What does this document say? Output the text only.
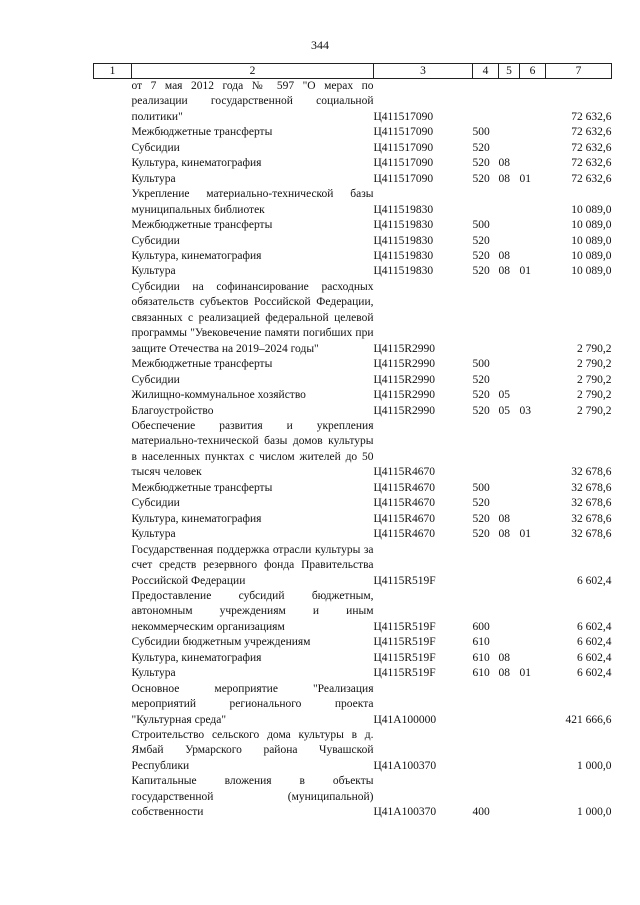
344
1	2	3	4	5	6	7
	от 7 мая 2012 года № 597 "О мерах по реализации государственной социальной политики"	Ц411517090				72 632,6
	Межбюджетные трансферты	Ц411517090	500			72 632,6
	Субсидии	Ц411517090	520			72 632,6
	Культура, кинематография	Ц411517090	520	08		72 632,6
	Культура	Ц411517090	520	08	01	72 632,6
	Укрепление материально-технической базы муниципальных библиотек	Ц411519830				10 089,0
	Межбюджетные трансферты	Ц411519830	500			10 089,0
	Субсидии	Ц411519830	520			10 089,0
	Культура, кинематография	Ц411519830	520	08		10 089,0
	Культура	Ц411519830	520	08	01	10 089,0
	Субсидии на софинансирование расходных обязательств субъектов Российской Федерации, связанных с реализацией федеральной целевой программы "Увековечение памяти погибших при защите Отечества на 2019–2024 годы"	Ц4115R2990				2 790,2
	Межбюджетные трансферты	Ц4115R2990	500			2 790,2
	Субсидии	Ц4115R2990	520			2 790,2
	Жилищно-коммунальное хозяйство	Ц4115R2990	520	05		2 790,2
	Благоустройство	Ц4115R2990	520	05	03	2 790,2
	Обеспечение развития и укрепления материально-технической базы домов культуры в населенных пунктах с числом жителей до 50 тысяч человек	Ц4115R4670				32 678,6
	Межбюджетные трансферты	Ц4115R4670	500			32 678,6
	Субсидии	Ц4115R4670	520			32 678,6
	Культура, кинематография	Ц4115R4670	520	08		32 678,6
	Культура	Ц4115R4670	520	08	01	32 678,6
	Государственная поддержка отрасли культуры за счет средств резервного фонда Правительства Российской Федерации	Ц4115R519F				6 602,4
	Предоставление субсидий бюджетным, автономным учреждениям и иным некоммерческим организациям	Ц4115R519F	600			6 602,4
	Субсидии бюджетным учреждениям	Ц4115R519F	610			6 602,4
	Культура, кинематография	Ц4115R519F	610	08		6 602,4
	Культура	Ц4115R519F	610	08	01	6 602,4
	Основное мероприятие "Реализация мероприятий регионального проекта "Культурная среда"	Ц41A100000				421 666,6
	Строительство сельского дома культуры в д. Ямбай Урмарского района Чувашской Республики	Ц41A100370				1 000,0
	Капитальные вложения в объекты государственной (муниципальной) собственности	Ц41A100370	400			1 000,0
